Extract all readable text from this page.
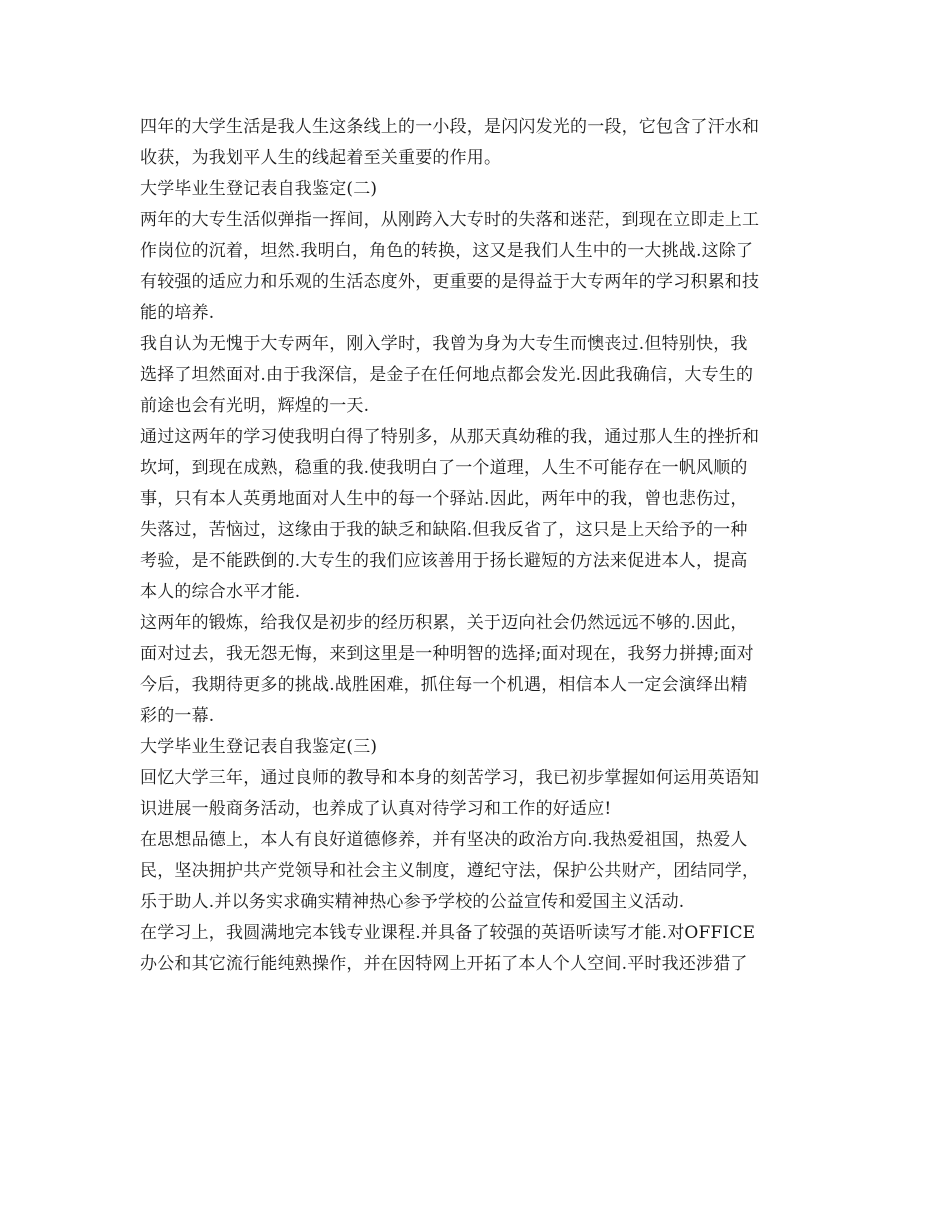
四年的大学生活是我人生这条线上的一小段，是闪闪发光的一段，它包含了汗水和
收获，为我划平人生的线起着至关重要的作用。
大学毕业生登记表自我鉴定(二)
两年的大专生活似弹指一挥间，从刚跨入大专时的失落和迷茫，到现在立即走上工
作岗位的沉着，坦然.我明白，角色的转换，这又是我们人生中的一大挑战.这除了
有较强的适应力和乐观的生活态度外，更重要的是得益于大专两年的学习积累和技
能的培养.
我自认为无愧于大专两年，刚入学时，我曾为身为大专生而懊丧过.但特别快，我
选择了坦然面对.由于我深信，是金子在任何地点都会发光.因此我确信，大专生的
前途也会有光明，辉煌的一天.
通过这两年的学习使我明白得了特别多，从那天真幼稚的我，通过那人生的挫折和
坎坷，到现在成熟，稳重的我.使我明白了一个道理，人生不可能存在一帆风顺的
事，只有本人英勇地面对人生中的每一个驿站.因此，两年中的我，曾也悲伤过，
失落过，苦恼过，这缘由于我的缺乏和缺陷.但我反省了，这只是上天给予的一种
考验，是不能跌倒的.大专生的我们应该善用于扬长避短的方法来促进本人，提高
本人的综合水平才能.
这两年的锻炼，给我仅是初步的经历积累，关于迈向社会仍然远远不够的.因此，
面对过去，我无怨无悔，来到这里是一种明智的选择;面对现在，我努力拼搏;面对
今后，我期待更多的挑战.战胜困难，抓住每一个机遇，相信本人一定会演绎出精
彩的一幕.
大学毕业生登记表自我鉴定(三)
回忆大学三年，通过良师的教导和本身的刻苦学习，我已初步掌握如何运用英语知
识进展一般商务活动，也养成了认真对待学习和工作的好适应!
在思想品德上，本人有良好道德修养，并有坚决的政治方向.我热爱祖国，热爱人
民，坚决拥护共产党领导和社会主义制度，遵纪守法，保护公共财产，团结同学，
乐于助人.并以务实求确实精神热心参予学校的公益宣传和爱国主义活动.
在学习上，我圆满地完本钱专业课程.并具备了较强的英语听读写才能.对OFFICE
办公和其它流行能纯熟操作，并在因特网上开拓了本人个人空间.平时我还涉猎了
